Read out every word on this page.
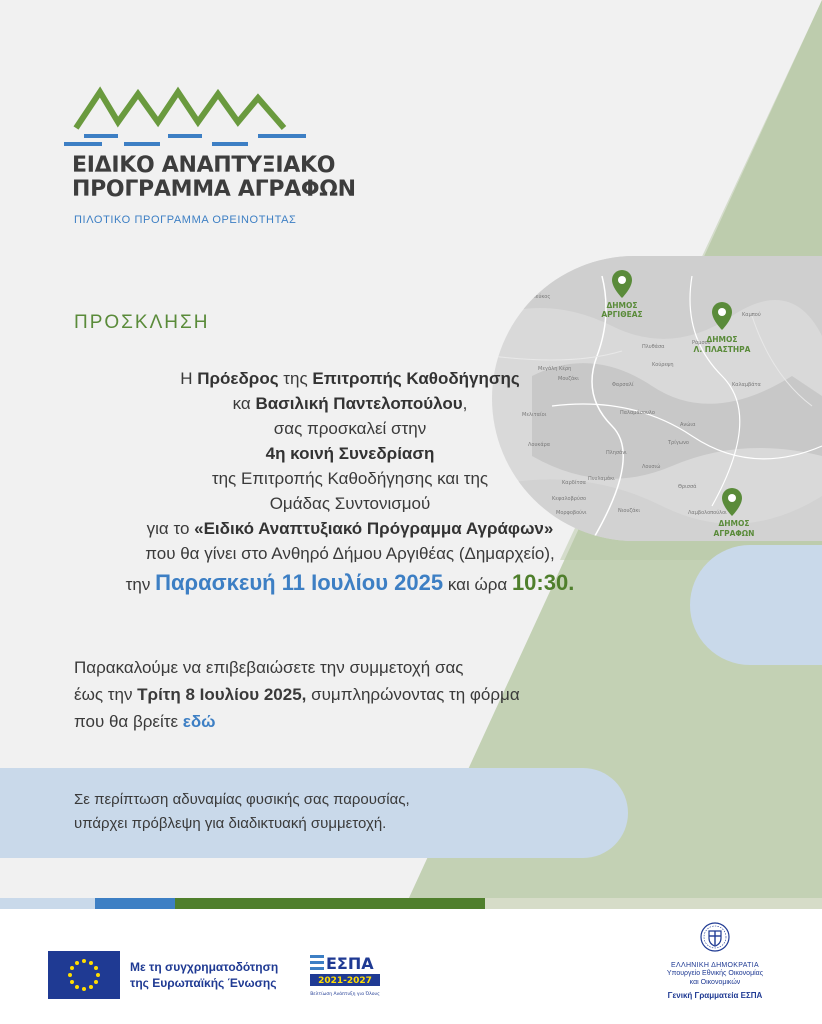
ΕΙΔΙΚΟ ΑΝΑΠΤΥΞΙΑΚΟ
ΠΡΟΓΡΑΜΜΑ ΑΓΡΑΦΩΝ
ΠΙΛΟΤΙΚΟ ΠΡΟΓΡΑΜΜΑ ΟΡΕΙΝΟΤΗΤΑΣ
Πεύκος
Μεγάλη Κέρη
Μουζάκι
Φαρσαλί
Μελιταίοι
Καρδίτσα
Ράμσον
Καμπού
Πλυθάσα
Ανώια
Παλαμάσουλο
Τρίγωνο
Λουσιώ
Πλησάνι
Θρισσά
Κεφαλοβρύσο
Καλαμβάτα
Πνυλαμάκι
Λουκάρα
Μορφοβούνι	Νιουζάκι	Λαμβολοπούλοι
Κούρεψη
ΔΗΜΟΣ
ΑΡΓΙΘΕΑΣ
ΔΗΜΟΣ
Λ. ΠΛΑΣΤΗΡΑ
ΔΗΜΟΣ
ΑΓΡΑΦΩΝ
ΠΡΟΣΚΛΗΣΗ
Η Πρόεδρος της Επιτροπής Καθοδήγησης
κα Βασιλική Παντελοπούλου,
σας προσκαλεί στην
4η κοινή Συνεδρίαση
της Επιτροπής Καθοδήγησης και της
Ομάδας Συντονισμού
για το «Ειδικό Αναπτυξιακό Πρόγραμμα Αγράφων»
που θα γίνει στο Ανθηρό Δήμου Αργιθέας (Δημαρχείο),
την Παρασκευή 11 Ιουλίου 2025 και ώρα 10:30.
Παρακαλούμε να επιβεβαιώσετε την συμμετοχή σας
έως την Τρίτη 8 Ιουλίου 2025, συμπληρώνοντας τη φόρμα
που θα βρείτε εδώ
Σε περίπτωση αδυναμίας φυσικής σας παρουσίας,
υπάρχει πρόβλεψη για διαδικτυακή συμμετοχή.
Με τη συγχρηματοδότηση
της Ευρωπαϊκής Ένωσης
ΕΣΠΑ
2021-2027
Βελτίωση Ανάπτυξη για Όλους
ΕΛΛΗΝΙΚΗ ΔΗΜΟΚΡΑΤΙΑ
Υπουργείο Εθνικής Οικονομίας
και Οικονομικών
Γενική Γραμματεία ΕΣΠΑ
